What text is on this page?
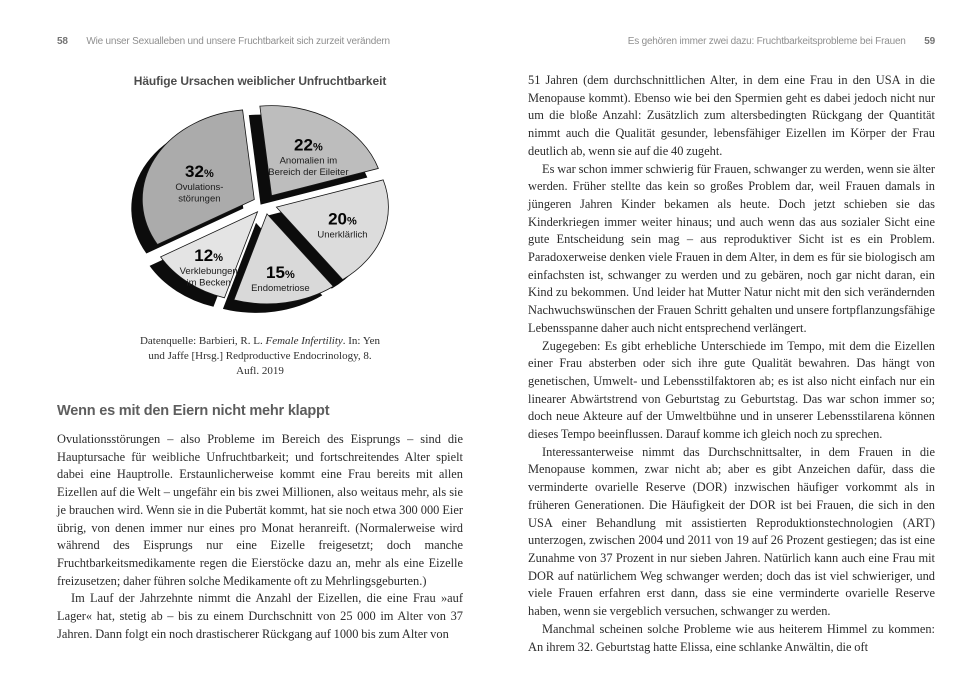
58 Wie unser Sexualleben und unsere Fruchtbarkeit sich zurzeit verändern
Häufige Ursachen weiblicher Unfruchtbarkeit
22%
Anomalien im
Bereich der Eileiter
20%
Unerklärlich
15%
Endometriose
12%
Verklebungen
im Becken
32%
Ovulations-
störungen
Datenquelle: Barbieri, R. L. Female Infertility. In: Yen und Jaffe [Hrsg.] Redproductive Endocrinology, 8. Aufl. 2019
Wenn es mit den Eiern nicht mehr klappt

Ovulationsstörungen – also Probleme im Bereich des Eisprungs – sind die Hauptursache für weibliche Unfruchtbarkeit; und fortschreitendes Alter spielt dabei eine Hauptrolle. Erstaunlicherweise kommt eine Frau bereits mit allen Eizellen auf die Welt – ungefähr ein bis zwei Millionen, also weitaus mehr, als sie je brauchen wird. Wenn sie in die Pubertät kommt, hat sie noch etwa 300 000 Eier übrig, von denen immer nur eines pro Monat heranreift. (Normalerweise wird während des Eisprungs nur eine Eizelle freigesetzt; doch manche Fruchtbarkeitsmedikamente regen die Eierstöcke dazu an, mehr als eine Eizelle freizusetzen; daher führen solche Medikamente oft zu Mehrlingsgeburten.)

Im Lauf der Jahrzehnte nimmt die Anzahl der Eizellen, die eine Frau »auf Lager« hat, stetig ab – bis zu einem Durchschnitt von 25 000 im Alter von 37 Jahren. Dann folgt ein noch drastischerer Rückgang auf 1000 bis zum Alter von

Es gehören immer zwei dazu: Fruchtbarkeitsprobleme bei Frauen 59

51 Jahren (dem durchschnittlichen Alter, in dem eine Frau in den USA in die Menopause kommt). Ebenso wie bei den Spermien geht es dabei jedoch nicht nur um die bloße Anzahl: Zusätzlich zum altersbedingten Rückgang der Quantität nimmt auch die Qualität gesunder, lebensfähiger Eizellen im Körper der Frau deutlich ab, wenn sie auf die 40 zugeht.

Es war schon immer schwierig für Frauen, schwanger zu werden, wenn sie älter werden. Früher stellte das kein so großes Problem dar, weil Frauen damals in jüngeren Jahren Kinder bekamen als heute. Doch jetzt schieben sie das Kinderkriegen immer weiter hinaus; und auch wenn das aus sozialer Sicht eine gute Entscheidung sein mag – aus reproduktiver Sicht ist es ein Problem. Paradoxerweise denken viele Frauen in dem Alter, in dem es für sie biologisch am einfachsten ist, schwanger zu werden und zu gebären, noch gar nicht daran, ein Kind zu bekommen. Und leider hat Mutter Natur nicht mit den sich verändernden Nachwuchswünschen der Frauen Schritt gehalten und unsere fortpflanzungsfähige Lebensspanne daher auch nicht entsprechend verlängert.

Zugegeben: Es gibt erhebliche Unterschiede im Tempo, mit dem die Eizellen einer Frau absterben oder sich ihre gute Qualität bewahren. Das hängt von genetischen, Umwelt- und Lebensstilfaktoren ab; es ist also nicht einfach nur ein linearer Abwärtstrend von Geburtstag zu Geburtstag. Das war schon immer so; doch neue Akteure auf der Umweltbühne und in unserer Lebensstilarena können dieses Tempo beeinflussen. Darauf komme ich gleich noch zu sprechen.

Interessanterweise nimmt das Durchschnittsalter, in dem Frauen in die Menopause kommen, zwar nicht ab; aber es gibt Anzeichen dafür, dass die verminderte ovarielle Reserve (DOR) inzwischen häufiger vorkommt als in früheren Generationen. Die Häufigkeit der DOR ist bei Frauen, die sich in den USA einer Behandlung mit assistierten Reproduktionstechnologien (ART) unterzogen, zwischen 2004 und 2011 von 19 auf 26 Prozent gestiegen; das ist eine Zunahme von 37 Prozent in nur sieben Jahren. Natürlich kann auch eine Frau mit DOR auf natürlichem Weg schwanger werden; doch das ist viel schwieriger, und viele Frauen erfahren erst dann, dass sie eine verminderte ovarielle Reserve haben, wenn sie vergeblich versuchen, schwanger zu werden.

Manchmal scheinen solche Probleme wie aus heiterem Himmel zu kommen: An ihrem 32. Geburtstag hatte Elissa, eine schlanke Anwältin, die oft
